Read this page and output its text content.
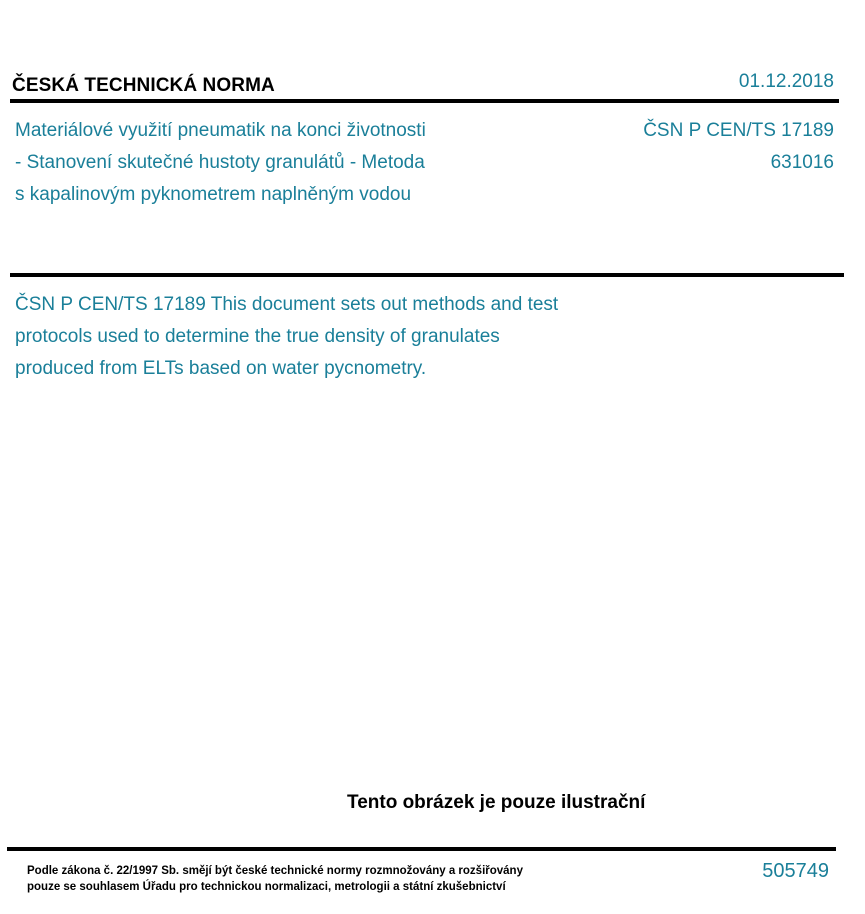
ČESKÁ TECHNICKÁ NORMA	01.12.2018
Materiálové využití pneumatik na konci životnosti
- Stanovení skutečné hustoty granulátů - Metoda
s kapalinovým pyknometrem naplněným vodou
ČSN P CEN/TS 17189
631016
ČSN P CEN/TS 17189 This document sets out methods and test
protocols used to determine the true density of granulates
produced from ELTs based on water pycnometry.
Tento obrázek je pouze ilustrační
Podle zákona č. 22/1997 Sb. smějí být české technické normy rozmnožovány a rozšiřovány
pouze se souhlasem Úřadu pro technickou normalizaci, metrologii a státní zkušebnictví
505749
